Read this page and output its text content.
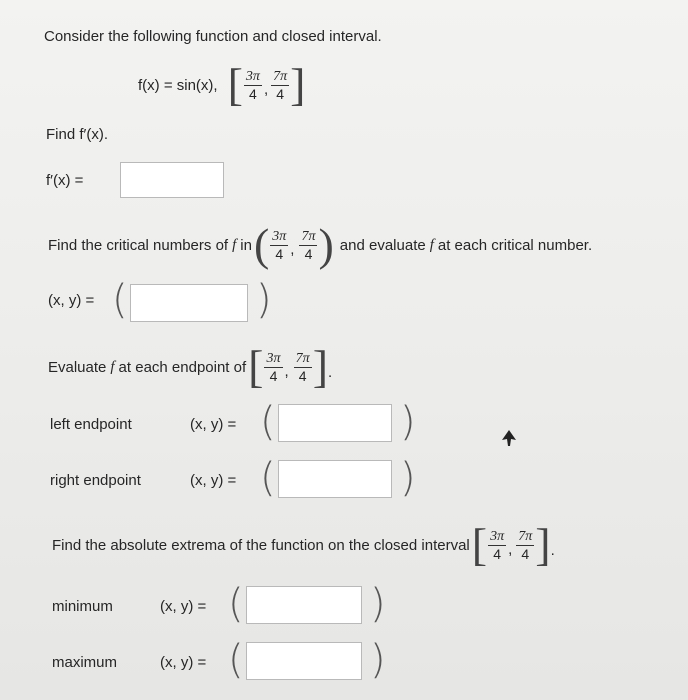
Consider the following function and closed interval.
f(x) = sin(x), [ $\frac{3\pi}{4}$ , $\frac{7\pi}{4}$ ]
Find f′(x).
f′(x) =
Find the critical numbers of f in ( $\frac{3\pi}{4}$ , $\frac{7\pi}{4}$ ) and evaluate f at each critical number.
(x, y) = (	)
Evaluate f at each endpoint of [ $\frac{3\pi}{4}$ , $\frac{7\pi}{4}$ ] .
left endpoint	(x, y) = (	)
right endpoint	(x, y) = (	)
Find the absolute extrema of the function on the closed interval [ $\frac{3\pi}{4}$ , $\frac{7\pi}{4}$ ] .
minimum	(x, y) = (	)
maximum	(x, y) = (	)
